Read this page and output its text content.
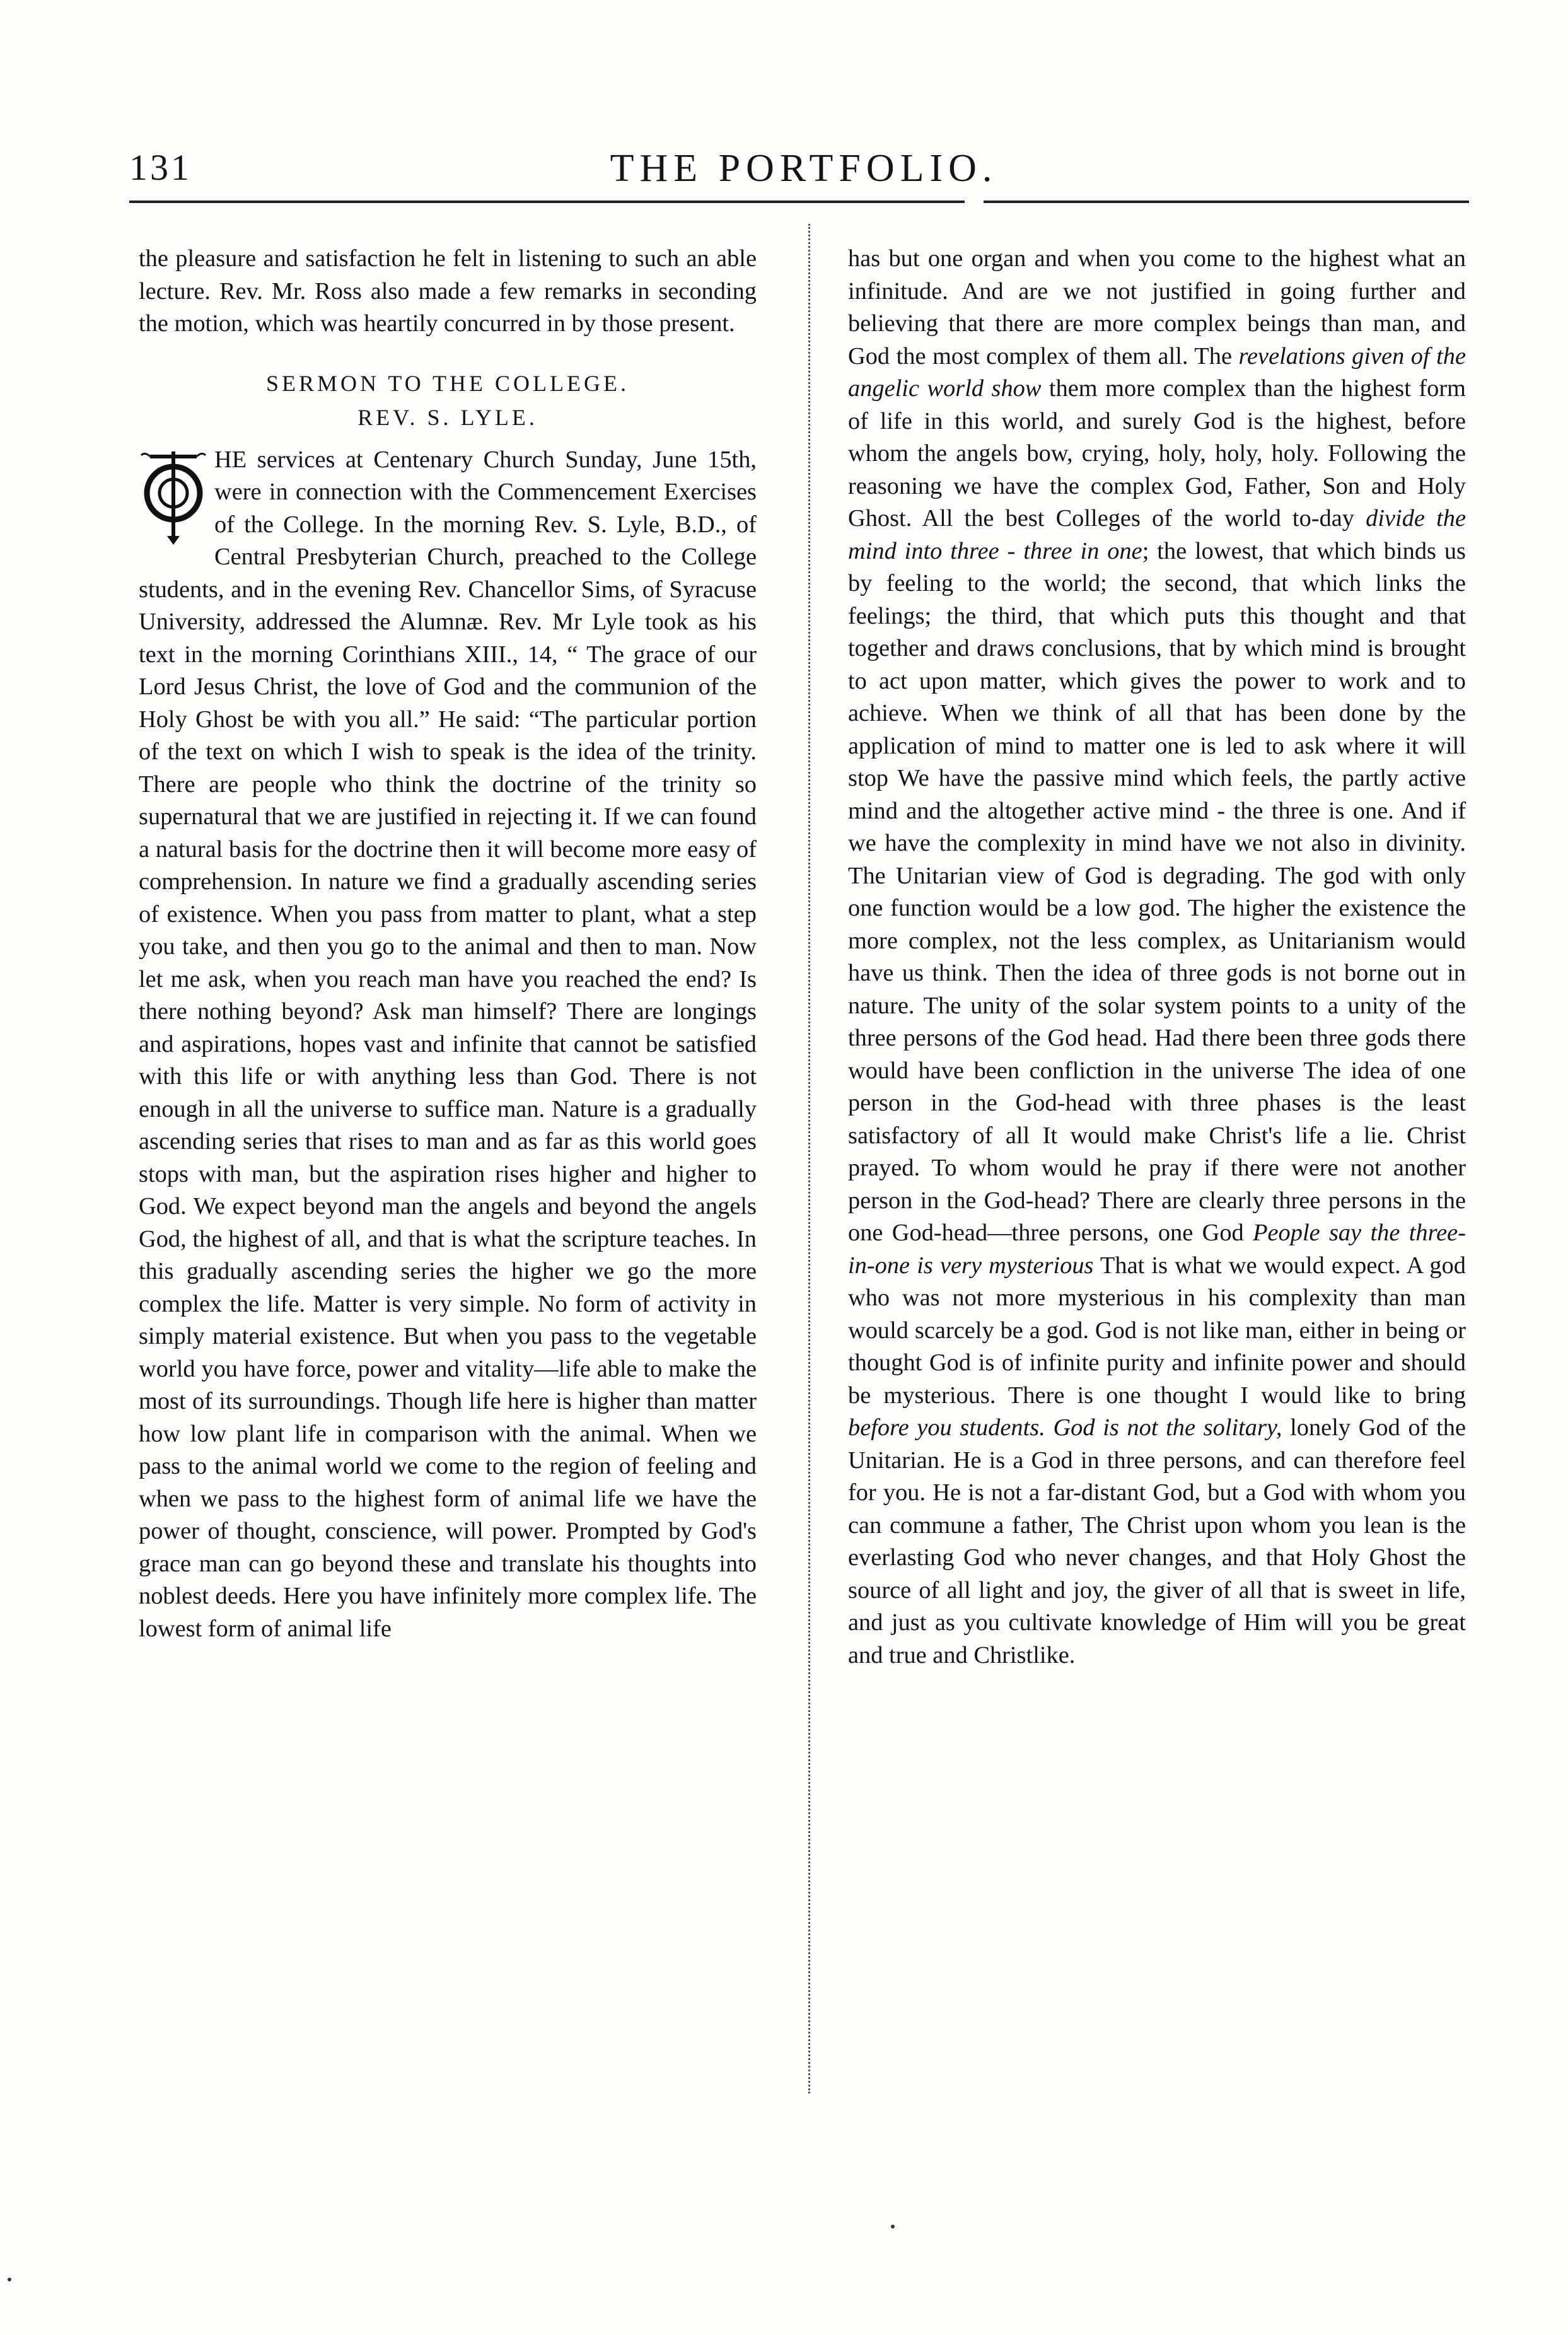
131	THE PORTFOLIO.

the pleasure and satisfaction he felt in listening to such an able lecture. Rev. Mr. Ross also made a few remarks in seconding the motion, which was heartily concurred in by those present.

SERMON TO THE COLLEGE.
REV. S. LYLE.

HE services at Centenary Church Sunday, June 15th, were in connection with the Commencement Exercises of the College. In the morning Rev. S. Lyle, B.D., of Central Presbyterian Church, preached to the College students, and in the evening Rev. Chancellor Sims, of Syracuse University, addressed the Alumnæ. Rev. Mr Lyle took as his text in the morning Corinthians XIII., 14, “ The grace of our Lord Jesus Christ, the love of God and the communion of the Holy Ghost be with you all.” He said: “The particular portion of the text on which I wish to speak is the idea of the trinity. There are people who think the doctrine of the trinity so supernatural that we are justified in rejecting it. If we can found a natural basis for the doctrine then it will become more easy of comprehension. In nature we find a gradually ascending series of existence. When you pass from matter to plant, what a step you take, and then you go to the animal and then to man. Now let me ask, when you reach man have you reached the end? Is there nothing beyond? Ask man himself? There are longings and aspirations, hopes vast and infinite that cannot be satisfied with this life or with anything less than God. There is not enough in all the universe to suffice man. Nature is a gradually ascending series that rises to man and as far as this world goes stops with man, but the aspiration rises higher and higher to God. We expect beyond man the angels and beyond the angels God, the highest of all, and that is what the scripture teaches. In this gradually ascending series the higher we go the more complex the life. Matter is very simple. No form of activity in simply material existence. But when you pass to the vegetable world you have force, power and vitality—life able to make the most of its surroundings. Though life here is higher than matter how low plant life in comparison with the animal. When we pass to the animal world we come to the region of feeling and when we pass to the highest form of animal life we have the power of thought, conscience, will power. Prompted by God's grace man can go beyond these and translate his thoughts into noblest deeds. Here you have infinitely more complex life. The lowest form of animal life

has but one organ and when you come to the highest what an infinitude. And are we not justified in going further and believing that there are more complex beings than man, and God the most complex of them all. The revelations given of the angelic world show them more complex than the highest form of life in this world, and surely God is the highest, before whom the angels bow, crying, holy, holy, holy. Following the reasoning we have the complex God, Father, Son and Holy Ghost. All the best Colleges of the world to-day divide the mind into three - three in one; the lowest, that which binds us by feeling to the world; the second, that which links the feelings; the third, that which puts this thought and that together and draws conclusions, that by which mind is brought to act upon matter, which gives the power to work and to achieve. When we think of all that has been done by the application of mind to matter one is led to ask where it will stop We have the passive mind which feels, the partly active mind and the altogether active mind - the three is one. And if we have the complexity in mind have we not also in divinity. The Unitarian view of God is degrading. The god with only one function would be a low god. The higher the existence the more complex, not the less complex, as Unitarianism would have us think. Then the idea of three gods is not borne out in nature. The unity of the solar system points to a unity of the three persons of the God head. Had there been three gods there would have been confliction in the universe The idea of one person in the God-head with three phases is the least satisfactory of all It would make Christ's life a lie. Christ prayed. To whom would he pray if there were not another person in the God-head? There are clearly three persons in the one God-head—three persons, one God People say the three-in-one is very mysterious That is what we would expect. A god who was not more mysterious in his complexity than man would scarcely be a god. God is not like man, either in being or thought God is of infinite purity and infinite power and should be mysterious. There is one thought I would like to bring before you students. God is not the solitary, lonely God of the Unitarian. He is a God in three persons, and can therefore feel for you. He is not a far-distant God, but a God with whom you can commune a father, The Christ upon whom you lean is the everlasting God who never changes, and that Holy Ghost the source of all light and joy, the giver of all that is sweet in life, and just as you cultivate knowledge of Him will you be great and true and Christlike.
